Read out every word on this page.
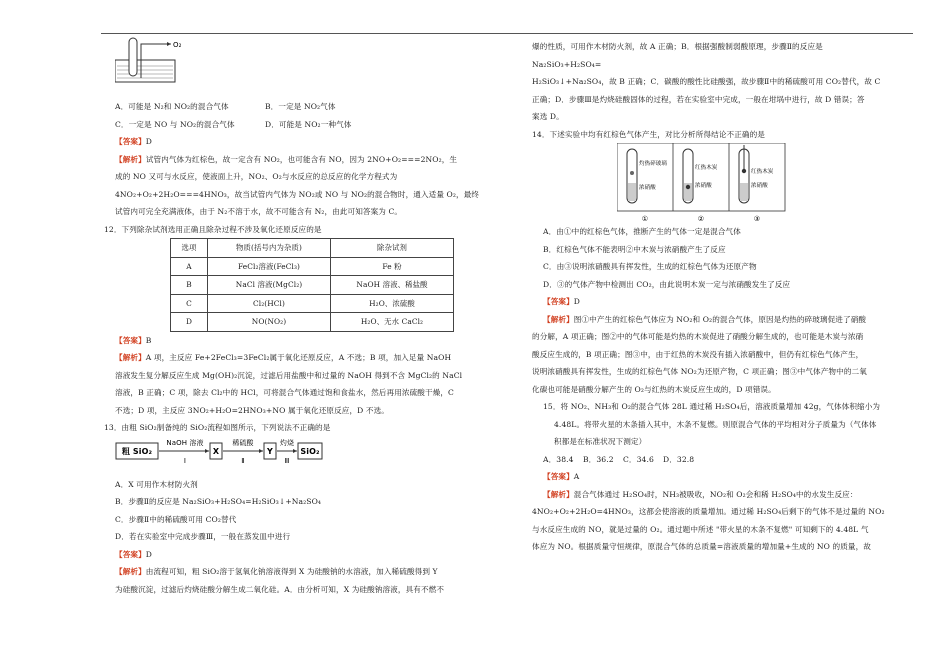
O₂
A．可能是 N₂和 NO₂的混合气体	B．一定是 NO₂气体
C．一定是 NO 与 NO₂的混合气体	D．可能是 NO₂一种气体
【答案】D
【解析】试管内气体为红棕色，故一定含有 NO₂，也可能含有 NO，因为 2NO+O₂===2NO₂，生
成的 NO 又可与水反应，使液面上升，NO₂、O₂与水反应的总反应的化学方程式为
4NO₂+O₂+2H₂O===4HNO₃，故当试管内气体为 NO₂或 NO 与 NO₂的混合物时，通入适量 O₂，最终
试管内可完全充满液体，由于 N₂不溶于水，故不可能含有 N₂，由此可知答案为 C。
12．下列除杂试剂选用正确且除杂过程不涉及氧化还原反应的是
选项	物质(括号内为杂质)	除杂试剂
A	FeCl₂溶液(FeCl₃)	Fe 粉
B	NaCl 溶液(MgCl₂)	NaOH 溶液、稀盐酸
C	Cl₂(HCl)	H₂O、浓硫酸
D	NO(NO₂)	H₂O、无水 CaCl₂
【答案】B
【解析】A 项，主反应 Fe+2FeCl₃=3FeCl₂属于氧化还原反应，A 不选；B 项，加入足量 NaOH
溶液发生复分解反应生成 Mg(OH)₂沉淀，过滤后用盐酸中和过量的 NaOH 得到不含 MgCl₂的 NaCl
溶液，B 正确；C 项，除去 Cl₂中的 HCl，可将混合气体通过饱和食盐水，然后再用浓硫酸干燥，C
不选；D 项，主反应 3NO₂+H₂O=2HNO₃+NO 属于氧化还原反应，D 不选。
13．由粗 SiO₂制备纯的 SiO₂流程如图所示，下列说法不正确的是
粗 SiO₂
NaOH 溶液
Ⅰ
X
稀硫酸
Ⅱ
Y
灼烧
Ⅲ
SiO₂
A．X 可用作木材防火剂
B．步骤Ⅱ的反应是 Na₂SiO₃+H₂SO₄=H₂SiO₃↓+Na₂SO₄
C．步骤Ⅱ中的稀硫酸可用 CO₂替代
D．若在实验室中完成步骤Ⅲ，一般在蒸发皿中进行
【答案】D
【解析】由流程可知，粗 SiO₂溶于氢氧化钠溶液得到 X 为硅酸钠的水溶液，加入稀硫酸得到 Y
为硅酸沉淀，过滤后灼烧硅酸分解生成二氧化硅。A．由分析可知，X 为硅酸钠溶液，具有不燃不
爆的性质，可用作木材防火剂，故 A 正确；B．根据强酸制弱酸原理，步骤Ⅱ的反应是
Na₂SiO₃+H₂SO₄=
H₂SiO₃↓+Na₂SO₄，故 B 正确；C．碳酸的酸性比硅酸强，故步骤Ⅱ中的稀硫酸可用 CO₂替代，故 C
正确；D．步骤Ⅲ是灼烧硅酸固体的过程，若在实验室中完成，一般在坩埚中进行，故 D 错误；答
案选 D。
14．下述实验中均有红棕色气体产生，对比分析所得结论不正确的是
灼热碎玻璃
浓硝酸
①
红热木炭
浓硝酸
②
红热木炭
浓硝酸
③
A．由①中的红棕色气体，推断产生的气体一定是混合气体
B．红棕色气体不能表明②中木炭与浓硝酸产生了反应
C．由③说明浓硝酸具有挥发性，生成的红棕色气体为还原产物
D．③的气体产物中检测出 CO₂，由此说明木炭一定与浓硝酸发生了反应
【答案】D
【解析】图①中产生的红棕色气体应为 NO₂和 O₂的混合气体，原因是灼热的碎玻璃促进了硝酸
的分解，A 项正确；图②中的气体可能是灼热的木炭促进了硝酸分解生成的，也可能是木炭与浓硝
酸反应生成的，B 项正确；图③中，由于红热的木炭没有插入浓硝酸中，但仍有红棕色气体产生，
说明浓硝酸具有挥发性，生成的红棕色气体 NO₂为还原产物，C 项正确；图③中气体产物中的二氧
化碳也可能是硝酸分解产生的 O₂与红热的木炭反应生成的，D 项错误。
15．将 NO₂、NH₃和 O₂的混合气体 28L 通过稀 H₂SO₄后，溶液质量增加 42g，气体体积缩小为
4.48L。将带火星的木条插入其中，木条不复燃。则原混合气体的平均相对分子质量为（气体体
积都是在标准状况下测定）
A．38.4	B．36.2	C．34.6	D．32.8
【答案】A
【解析】混合气体通过 H₂SO₄时，NH₃被吸收，NO₂和 O₂会和稀 H₂SO₄中的水发生反应：
4NO₂+O₂+2H₂O=4HNO₃，这都会使溶液的质量增加。通过稀 H₂SO₄后剩下的气体不是过量的 NO₂
与水反应生成的 NO，就是过量的 O₂。通过题中所述 "带火星的木条不复燃" 可知剩下的 4.48L 气
体应为 NO。根据质量守恒规律，原混合气体的总质量=溶液质量的增加量+生成的 NO 的质量，故
